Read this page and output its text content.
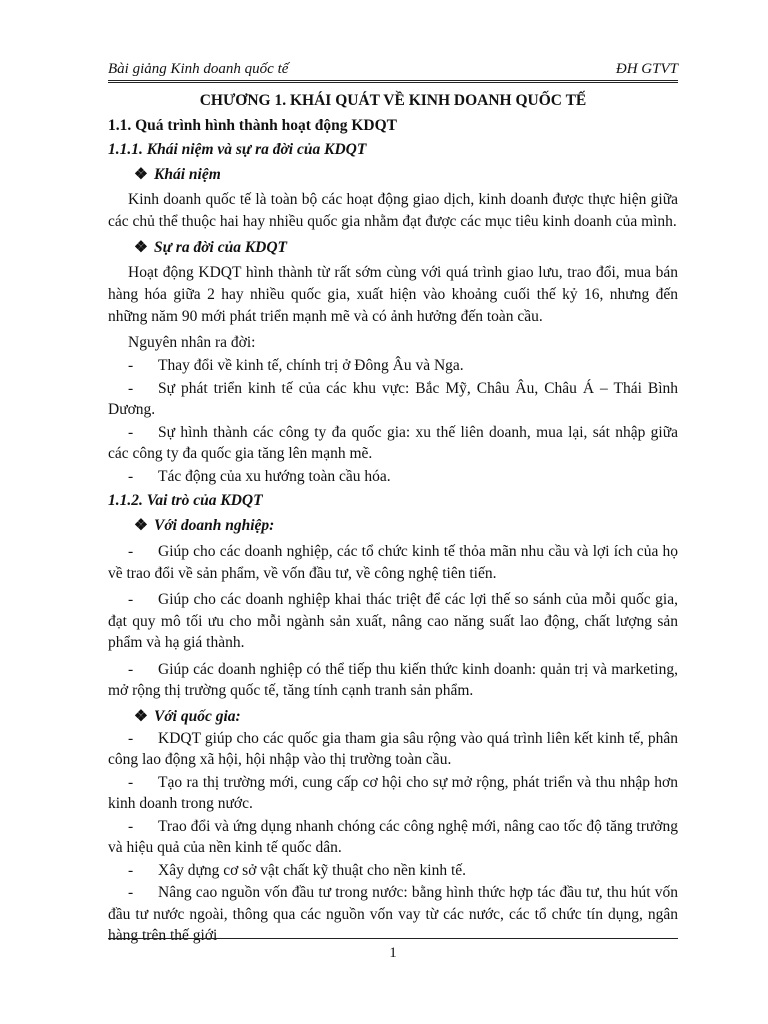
Bài giảng Kinh doanh quốc tế	ĐH GTVT
CHƯƠNG 1. KHÁI QUÁT VỀ KINH DOANH QUỐC TẾ
1.1. Quá trình hình thành hoạt động KDQT
1.1.1. Khái niệm và sự ra đời của KDQT
❖ Khái niệm
Kinh doanh quốc tế là toàn bộ các hoạt động giao dịch, kinh doanh được thực hiện giữa các chủ thể thuộc hai hay nhiều quốc gia nhằm đạt được các mục tiêu kinh doanh của mình.
❖ Sự ra đời của KDQT
Hoạt động KDQT hình thành từ rất sớm cùng với quá trình giao lưu, trao đổi, mua bán hàng hóa giữa 2 hay nhiều quốc gia, xuất hiện vào khoảng cuối thế kỷ 16, nhưng đến những năm 90 mới phát triển mạnh mẽ và có ảnh hưởng đến toàn cầu.
Nguyên nhân ra đời:
- Thay đổi về kinh tế, chính trị ở Đông Âu và Nga.
- Sự phát triển kinh tế của các khu vực: Bắc Mỹ, Châu Âu, Châu Á – Thái Bình Dương.
- Sự hình thành các công ty đa quốc gia: xu thế liên doanh, mua lại, sát nhập giữa các công ty đa quốc gia tăng lên mạnh mẽ.
- Tác động của xu hướng toàn cầu hóa.
1.1.2. Vai trò của KDQT
❖ Với doanh nghiệp:
- Giúp cho các doanh nghiệp, các tổ chức kinh tế thỏa mãn nhu cầu và lợi ích của họ về trao đổi về sản phẩm, về vốn đầu tư, về công nghệ tiên tiến.
- Giúp cho các doanh nghiệp khai thác triệt để các lợi thế so sánh của mỗi quốc gia, đạt quy mô tối ưu cho mỗi ngành sản xuất, nâng cao năng suất lao động, chất lượng sản phẩm và hạ giá thành.
- Giúp các doanh nghiệp có thể tiếp thu kiến thức kinh doanh: quản trị và marketing, mở rộng thị trường quốc tế, tăng tính cạnh tranh sản phẩm.
❖ Với quốc gia:
- KDQT giúp cho các quốc gia tham gia sâu rộng vào quá trình liên kết kinh tế, phân công lao động xã hội, hội nhập vào thị trường toàn cầu.
- Tạo ra thị trường mới, cung cấp cơ hội cho sự mở rộng, phát triển và thu nhập hơn kinh doanh trong nước.
- Trao đổi và ứng dụng nhanh chóng các công nghệ mới, nâng cao tốc độ tăng trưởng và hiệu quả của nền kinh tế quốc dân.
- Xây dựng cơ sở vật chất kỹ thuật cho nền kinh tế.
- Nâng cao nguồn vốn đầu tư trong nước: bằng hình thức hợp tác đầu tư, thu hút vốn đầu tư nước ngoài, thông qua các nguồn vốn vay từ các nước, các tổ chức tín dụng, ngân hàng trên thế giới
1
